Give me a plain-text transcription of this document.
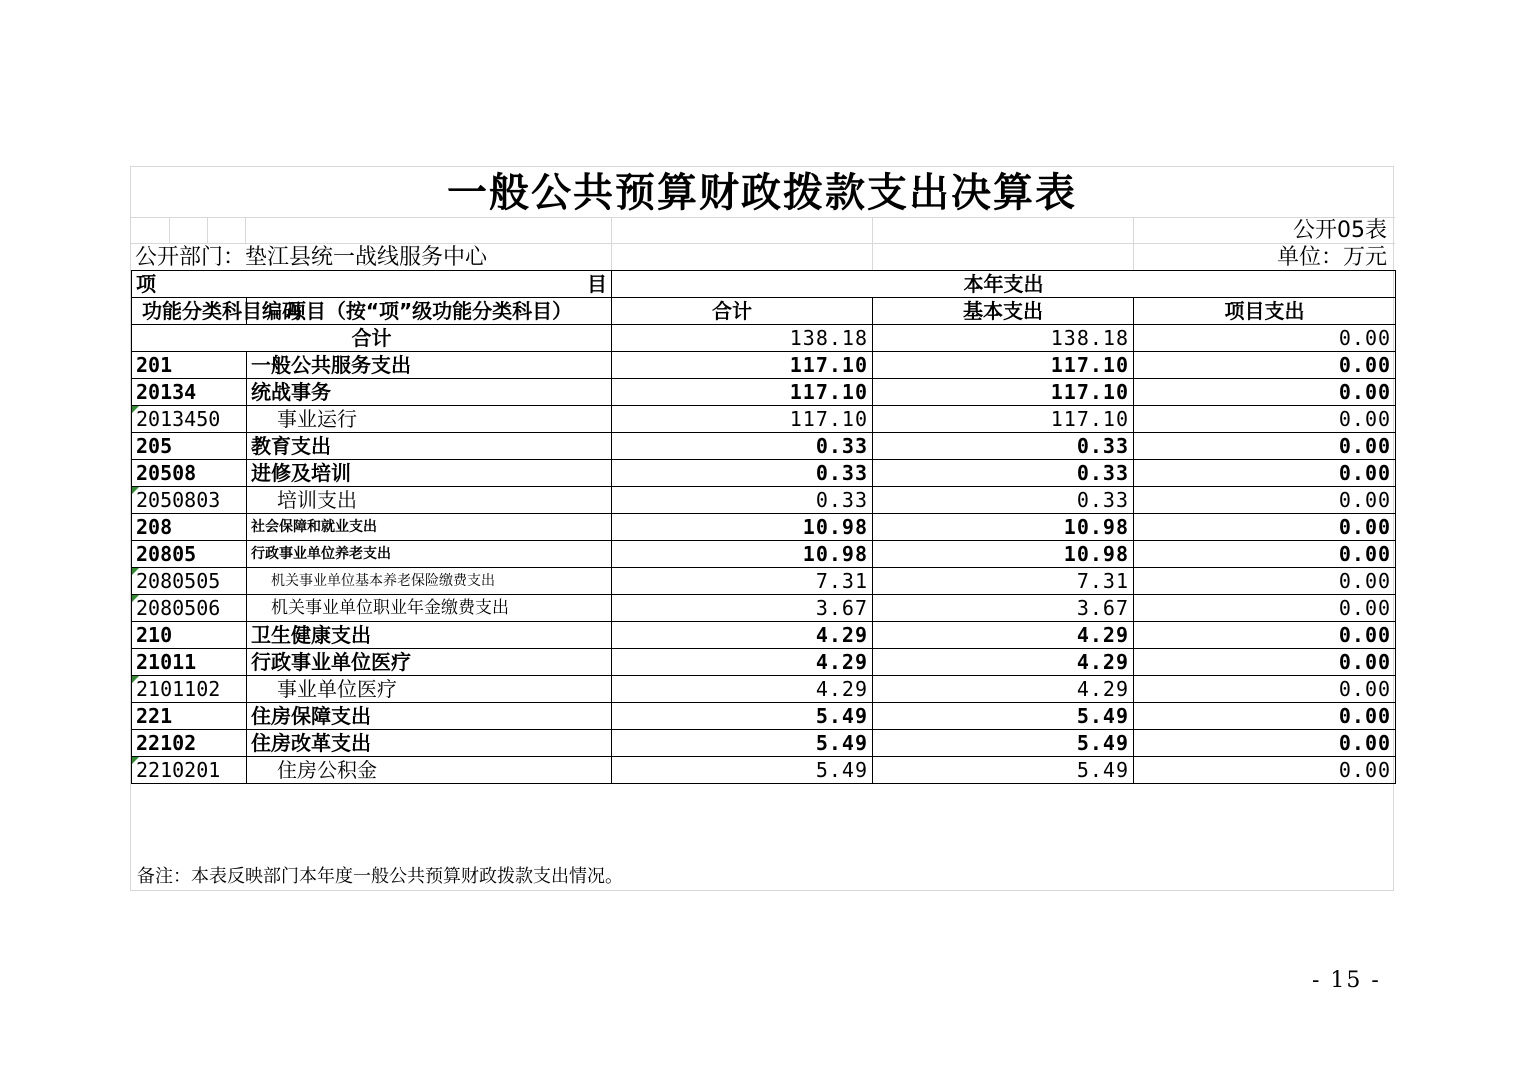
一般公共预算财政拨款支出决算表
公开05表
公开部门：垫江县统一战线服务中心	单位：万元
项 目		本年支出		
功能分类科目编码	项目（按“项”级功能分类科目）	合计	基本支出	项目支出
合计		138.18	138.18	0.00
201	一般公共服务支出	117.10	117.10	0.00
20134	统战事务	117.10	117.10	0.00

2013450	事业运行	117.10	117.10	0.00
205	教育支出	0.33	0.33	0.00
20508	进修及培训	0.33	0.33	0.00

2050803	培训支出	0.33	0.33	0.00
208	社会保障和就业支出	10.98	10.98	0.00
20805	行政事业单位养老支出	10.98	10.98	0.00

2080505	机关事业单位基本养老保险缴费支出	7.31	7.31	0.00

2080506	机关事业单位职业年金缴费支出	3.67	3.67	0.00
210	卫生健康支出	4.29	4.29	0.00
21011	行政事业单位医疗	4.29	4.29	0.00

2101102	事业单位医疗	4.29	4.29	0.00
221	住房保障支出	5.49	5.49	0.00
22102	住房改革支出	5.49	5.49	0.00

2210201	住房公积金	5.49	5.49	0.00
备注：本表反映部门本年度一般公共预算财政拨款支出情况。
- 15 -
